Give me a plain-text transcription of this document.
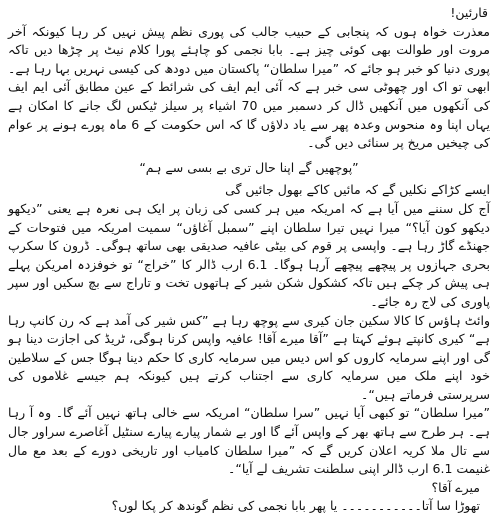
قارئین!

معذرت خواہ ہوں کہ پنجابی کے حبیب جالب کی پوری نظم پیش نہیں کر رہا کیونکہ آخر مروت اور طوالت بھی کوئی چیز ہے۔ بابا نجمی کو چاہئے پورا کلام نیٹ پر چڑھا دیں تاکہ پوری دنیا کو خبر ہو جائے کہ ”میرا سلطان“ پاکستان میں دودھ کی کیسی نہریں بہا رہا ہے۔ ابھی تو اک اور چھوٹی سی خبر ہے کہ آئی ایم ایف کی شرائط کے عین مطابق آئی ایم ایف کی آنکھوں میں آنکھیں ڈال کر دسمبر میں 70 اشیاء پر سیلز ٹیکس لگ جانے کا امکان ہے یہاں اپنا وہ منحوس وعدہ پھر سے یاد دلاؤں گا کہ اس حکومت کے 6 ماہ پورے ہونے پر عوام کی چیخیں مریخ پر سنائی دیں گی۔

”پوچھیں گے اپنا حال تری بے بسی سے ہم“

ایسے کڑاکے نکلیں گے کہ مائیں کاکے بھول جائیں گی

آج کل سننے میں آیا ہے کہ امریکہ میں ہر کسی کی زبان پر ایک ہی نعرہ ہے یعنی ”دیکھو دیکھو کون آیا؟“ میرا نہیں تیرا سلطان اپنے ”سمبل آغاؤں“ سمیت امریکہ میں فتوحات کے جھنڈے گاڑ رہا ہے۔ واپسی پر قوم کی بیٹی عافیہ صدیقی بھی ساتھ ہوگی۔ ڈرون کا سکرپ بحری جہازوں پر پیچھے پیچھے آرہا ہوگا۔ 6.1 ارب ڈالر کا ”خراج“ تو خوفزدہ امریکن پہلے ہی پیش کر چکے ہیں تاکہ کشکول شکن شیر کے ہاتھوں تخت و تاراج سے بچ سکیں اور سپر پاوری کی لاج رہ جائے۔

وائٹ ہاؤس کا کالا سکین جان کیری سے پوچھ رہا ہے ”کس شیر کی آمد ہے کہ رن کانپ رہا ہے“ کیری کانپتے ہوئے کہتا ہے ”آقا میرے آقا! عافیہ واپس کرنا ہوگی، ٹریڈ کی اجازت دینا ہو گی اور اپنے سرمایہ کاروں کو اس دیس میں سرمایہ کاری کا حکم دینا ہوگا جس کے سلاطین خود اپنے ملک میں سرمایہ کاری سے اجتناب کرتے ہیں کیونکہ ہم جیسے غلاموں کی سرپرستی فرماتے ہیں“۔

”میرا سلطان“ تو کبھی آیا نہیں ”سرا سلطان“ امریکہ سے خالی ہاتھ نہیں آئے گا۔ وہ آ رہا ہے۔ ہر طرح سے ہاتھ بھر کے واپس آئے گا اور بے شمار پیارے پیارے سنٹیل آغاصرے سراور جال سے تال ملا کریہ اعلان کریں گے کہ ”میرا سلطان کامیاب اور تاریخی دورے کے بعد مع مال غنیمت 6.1 ارب ڈالر اپنی سلطنت تشریف لے آیا“۔

میرے آقا؟

تھوڑا سا آتا۔۔۔۔۔۔۔۔۔۔۔ یا پھر بابا نجمی کی نظم گوندھ کر پکا لوں؟
